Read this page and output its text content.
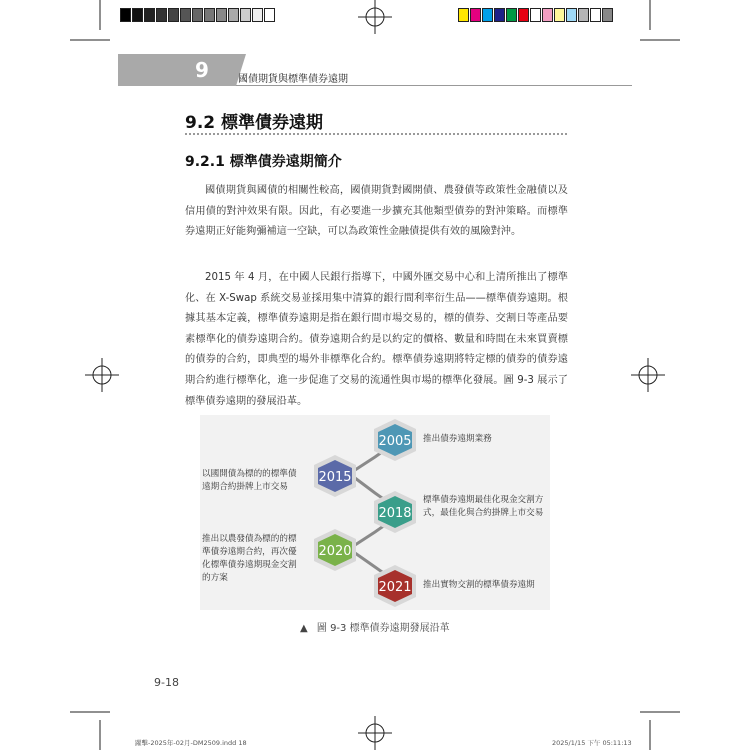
9	國債期貨與標準債券遠期
9.2 標準債券遠期
9.2.1 標準債券遠期簡介
國債期貨與國債的相關性較高，國債期貨對國開債、農發債等政策性金融債以及信用債的對沖效果有限。因此，有必要進一步擴充其他類型債券的對沖策略。而標準券遠期正好能夠彌補這一空缺，可以為政策性金融債提供有效的風險對沖。
2015 年 4 月，在中國人民銀行指導下，中國外匯交易中心和上清所推出了標準化、在 X-Swap 系統交易並採用集中清算的銀行間利率衍生品——標準債券遠期。根據其基本定義，標準債券遠期是指在銀行間市場交易的，標的債券、交割日等產品要素標準化的債券遠期合約。債券遠期合約是以約定的價格、數量和時間在未來買賣標的債券的合約，即典型的場外非標準化合約。標準債券遠期將特定標的債券的債券遠期合約進行標準化，進一步促進了交易的流通性與市場的標準化發展。圖 9-3 展示了標準債券遠期的發展沿革。
2005
2015
2018
2020
2021
推出債券遠期業務
以國開債為標的的標準債遠期合約掛牌上市交易
標準債券遠期最佳化現金交割方式，最佳化與合約掛牌上市交易
推出以農發債為標的的標準債券遠期合約，再次優化標準債券遠期現金交割的方案
推出實物交割的標準債券遠期
▲ 圖 9-3 標準債券遠期發展沿革
9-18
躍擊-2025年-02月-DM2509.indd 18	2025/1/15 下午 05:11:13
